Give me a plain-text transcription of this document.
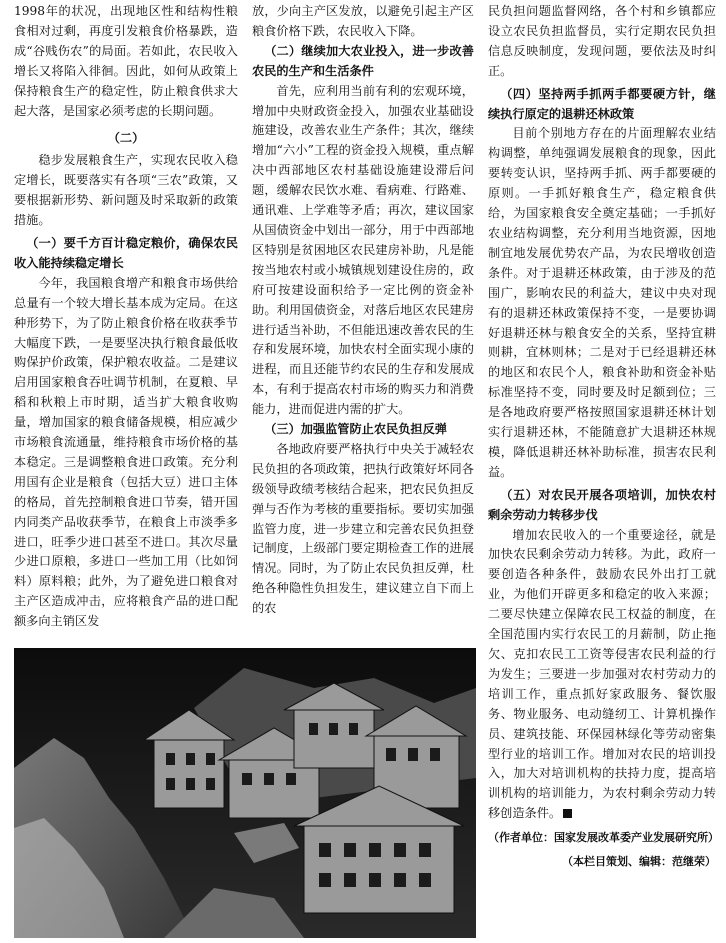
1998年的状况，出现地区性和结构性粮食相对过剩，再度引发粮食价格暴跌，造成“谷贱伤农”的局面。若如此，农民收入增长又将陷入徘徊。因此，如何从政策上保持粮食生产的稳定性，防止粮食供求大起大落，是国家必须考虑的长期问题。

（二）

稳步发展粮食生产，实现农民收入稳定增长，既要落实有各项“三农”政策，又要根据新形势、新问题及时采取新的政策措施。

（一）要千方百计稳定粮价，确保农民收入能持续稳定增长

今年，我国粮食增产和粮食市场供给总量有一个较大增长基本成为定局。在这种形势下，为了防止粮食价格在收获季节大幅度下跌，一是要坚决执行粮食最低收购保护价政策，保护粮农收益。二是建议启用国家粮食吞吐调节机制，在夏粮、早稻和秋粮上市时期，适当扩大粮食收购量，增加国家的粮食储备规模，相应减少市场粮食流通量，维持粮食市场价格的基本稳定。三是调整粮食进口政策。充分利用国有企业是粮食（包括大豆）进口主体的格局，首先控制粮食进口节奏，错开国内同类产品收获季节，在粮食上市淡季多进口，旺季少进口甚至不进口。其次尽量少进口原粮，多进口一些加工用（比如饲料）原料粮；此外，为了避免进口粮食对主产区造成冲击，应将粮食产品的进口配额多向主销区发

放，少向主产区发放，以避免引起主产区粮食价格下跌，农民收入下降。

（二）继续加大农业投入，进一步改善农民的生产和生活条件

首先，应利用当前有利的宏观环境，增加中央财政资金投入，加强农业基础设施建设，改善农业生产条件；其次，继续增加“六小”工程的资金投入规模，重点解决中西部地区农村基础设施建设滞后问题，缓解农民饮水难、看病难、行路难、通讯难、上学难等矛盾；再次，建议国家从国债资金中划出一部分，用于中西部地区特别是贫困地区农民建房补助，凡是能按当地农村或小城镇规划建设住房的，政府可按建设面积给予一定比例的资金补助。利用国债资金，对落后地区农民建房进行适当补助，不但能迅速改善农民的生存和发展环境，加快农村全面实现小康的进程，而且还能节约农民的生存和发展成本，有利于提高农村市场的购买力和消费能力，进而促进内需的扩大。

（三）加强监管防止农民负担反弹

各地政府要严格执行中央关于减轻农民负担的各项政策，把执行政策好坏同各级领导政绩考核结合起来，把农民负担反弹与否作为考核的重要指标。要切实加强监管力度，进一步建立和完善农民负担登记制度，上级部门要定期检查工作的进展情况。同时，为了防止农民负担反弹，杜绝各种隐性负担发生，建议建立自下而上的农

民负担问题监督网络，各个村和乡镇都应设立农民负担监督员，实行定期农民负担信息反映制度，发现问题，要依法及时纠正。

（四）坚持两手抓两手都要硬方针，继续执行原定的退耕还林政策

目前个别地方存在的片面理解农业结构调整，单纯强调发展粮食的现象，因此要转变认识，坚持两手抓、两手都要硬的原则。一手抓好粮食生产，稳定粮食供给，为国家粮食安全奠定基础；一手抓好农业结构调整，充分利用当地资源，因地制宜地发展优势农产品，为农民增收创造条件。对于退耕还林政策，由于涉及的范围广，影响农民的利益大，建议中央对现有的退耕还林政策保持不变，一是要协调好退耕还林与粮食安全的关系，坚持宜耕则耕，宜林则林；二是对于已经退耕还林的地区和农民个人，粮食补助和资金补贴标准坚持不变，同时要及时足额到位；三是各地政府要严格按照国家退耕还林计划实行退耕还林，不能随意扩大退耕还林规模，降低退耕还林补助标准，损害农民利益。

（五）对农民开展各项培训，加快农村剩余劳动力转移步伐

增加农民收入的一个重要途径，就是加快农民剩余劳动力转移。为此，政府一要创造各种条件，鼓励农民外出打工就业，为他们开辟更多和稳定的收入来源；二要尽快建立保障农民工权益的制度，在全国范围内实行农民工的月薪制，防止拖欠、克扣农民工工资等侵害农民利益的行为发生；三要进一步加强对农村劳动力的培训工作，重点抓好家政服务、餐饮服务、物业服务、电动缝纫工、计算机操作员、建筑技能、环保园林绿化等劳动密集型行业的培训工作。增加对农民的培训投入，加大对培训机构的扶持力度，提高培训机构的培训能力，为农村剩余劳动力转移创造条件。

（作者单位：国家发展改革委产业发展研究所）

（本栏目策划、编辑：范继荣）
